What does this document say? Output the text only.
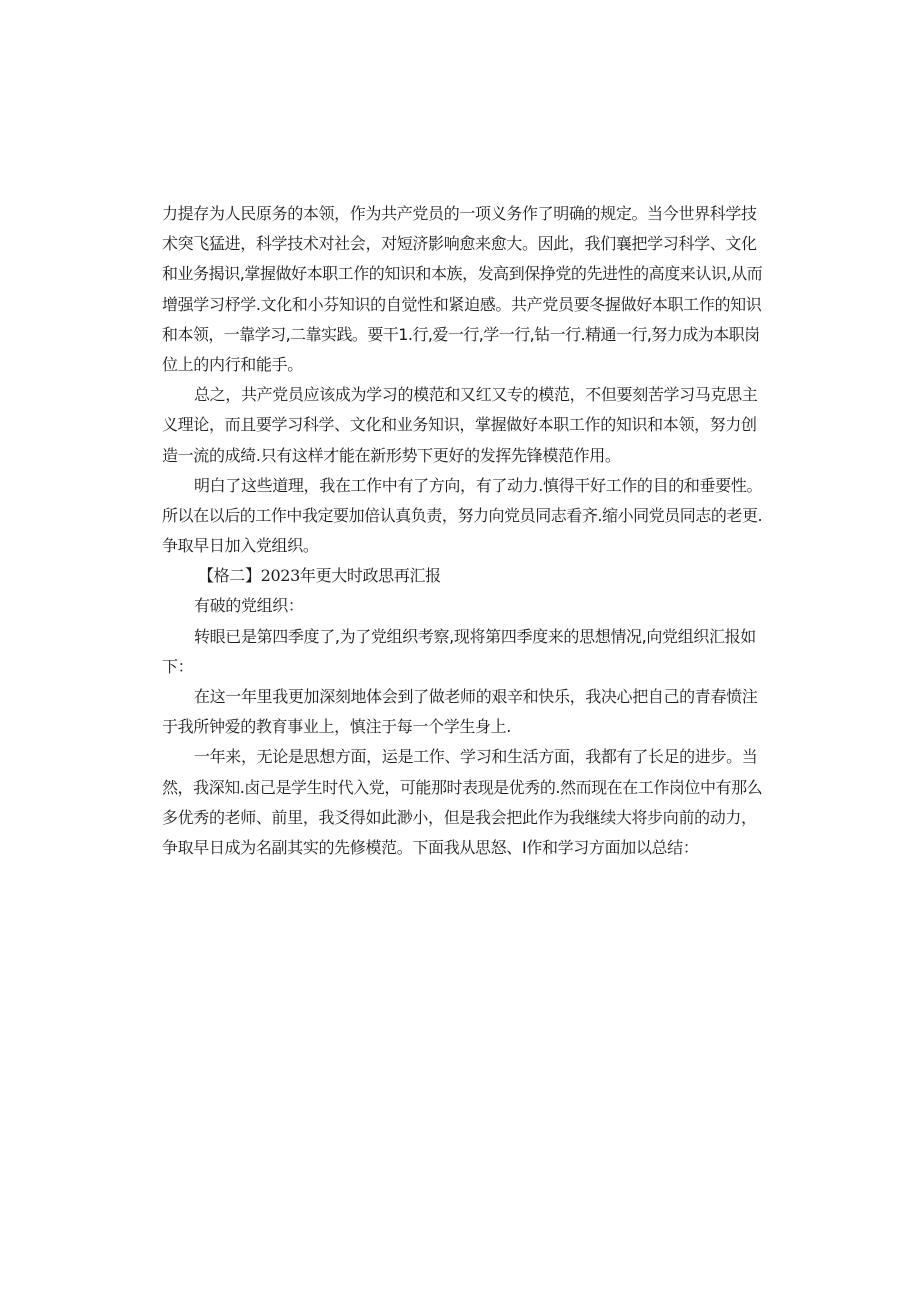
力提存为人民原务的本领，作为共产党员的一项义务作了明确的规定。当今世界科学技
术突飞猛进，科学技术对社会，对短济影响愈来愈大。因此，我们襄把学习科学、文化
和业务揭识,掌握做好本职工作的知识和本族，发高到保挣党的先进性的高度来认识,从而
增强学习杼学.文化和小芬知识的自觉性和紧迫感。共产党员要冬握做好本职工作的知识
和本领，一靠学习,二靠实践。要干1.行,爱一行,学一行,钻一行.精通一行,努力成为本职岗
位上的内行和能手。
总之，共产党员应该成为学习的模范和又红又专的模范，不但要刻苦学习马克思主
义理论，而且要学习科学、文化和业务知识，掌握做好本职工作的知识和本领，努力创
造一流的成绮.只有这样才能在新形势下更好的发挥先锋模范作用。
明白了这些道理，我在工作中有了方向，有了动力.慎得干好工作的目的和垂要性。
所以在以后的工作中我定要加倍认真负责，努力向党员同志看齐.缩小同党员同志的老更.
争取早日加入党组织。
【格二】2023年更大时政思再汇报
有破的党组织：
转眼已是第四季度了,为了党组织考察,现将第四季度来的思想情况,向党组织汇报如
下：
在这一年里我更加深刻地体会到了做老师的艰辛和快乐，我决心把自己的青春愤注
于我所钟爱的教育事业上，慎注于每一个学生身上.
一年来，无论是思想方面，运是工作、学习和生活方面，我都有了长足的进步。当
然，我深知.卤己是学生时代入党，可能那时表现是优秀的.然而现在在工作岗位中有那么
多优秀的老师、前里，我爻得如此渺小，但是我会把此作为我继续大将步向前的动力，
争取早日成为名副其实的先修模范。下面我从思怒、I作和学习方面加以总结：
